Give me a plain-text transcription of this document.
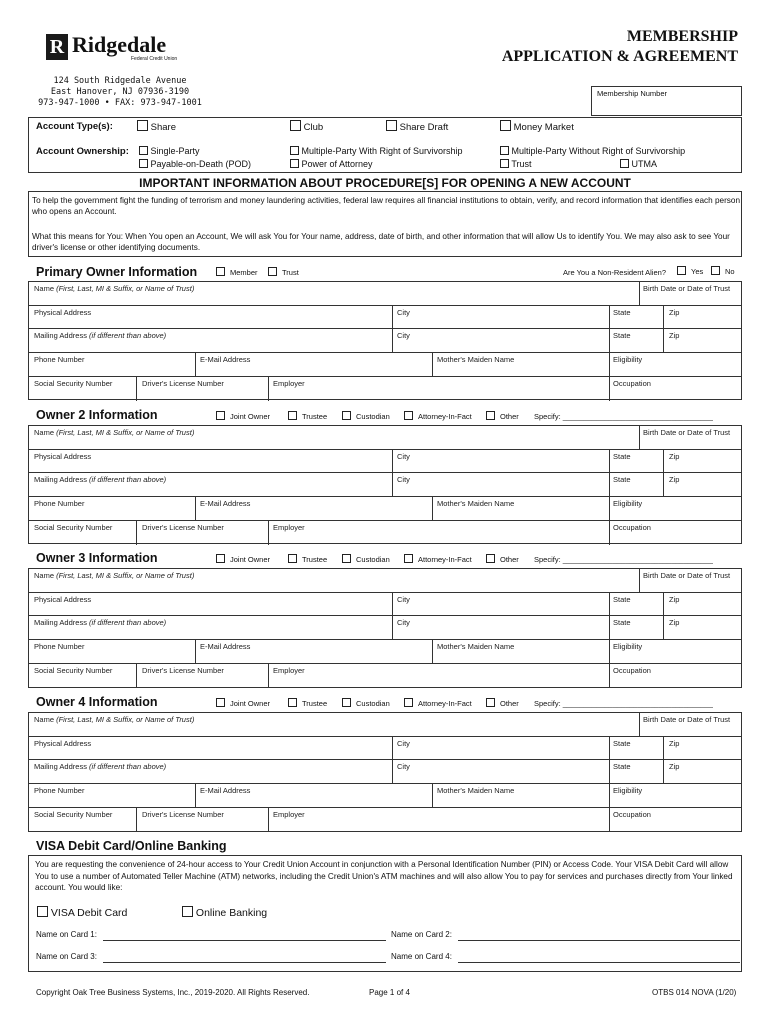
R Ridgedale
Federal Credit Union
MEMBERSHIP
APPLICATION & AGREEMENT
124 South Ridgedale Avenue
East Hanover, NJ 07936-3190
973-947-1000 • FAX: 973-947-1001
Membership Number
Account Type(s):	Share	Club	Share Draft	Money Market
Account Ownership:	Single-Party
Payable-on-Death (POD)
Multiple-Party With Right of Survivorship
Power of Attorney
Multiple-Party Without Right of Survivorship
Trust	UTMA
IMPORTANT INFORMATION ABOUT PROCEDURE[S] FOR OPENING A NEW ACCOUNT
To help the government fight the funding of terrorism and money laundering activities, federal law requires all financial institutions to obtain, verify, and record information that identifies each person who opens an Account.
What this means for You: When You open an Account, We will ask You for Your name, address, date of birth, and other information that will allow Us to identify You. We may also ask to see Your driver's license or other identifying documents.
Primary Owner Information	Member	Trust	Are You a Non-Resident Alien?	Yes	No
Name (First, Last, MI & Suffix, or Name of Trust)	Birth Date or Date of Trust
Physical Address	City	State	Zip
Mailing Address (if different than above)	City	State	Zip
Phone Number	E-Mail Address	Mother's Maiden Name	Eligibility
Social Security Number	Driver's License Number	Employer	Occupation
Name (First, Last, MI & Suffix, or Name of Trust)	Birth Date or Date of Trust
Physical Address	City	State	Zip
Mailing Address (if different than above)	City	State	Zip
Phone Number	E-Mail Address	Mother's Maiden Name	Eligibility
Social Security Number	Driver's License Number	Employer	Occupation
Name (First, Last, MI & Suffix, or Name of Trust)	Birth Date or Date of Trust
Physical Address	City	State	Zip
Mailing Address (if different than above)	City	State	Zip
Phone Number	E-Mail Address	Mother's Maiden Name	Eligibility
Social Security Number	Driver's License Number	Employer	Occupation
Name (First, Last, MI & Suffix, or Name of Trust)	Birth Date or Date of Trust
Physical Address	City	State	Zip
Mailing Address (if different than above)	City	State	Zip
Phone Number	E-Mail Address	Mother's Maiden Name	Eligibility
Social Security Number	Driver's License Number	Employer	Occupation
Owner 2 Information
Owner 3 Information
Owner 4 Information
Joint Owner	Trustee	Custodian	Attorney-In-Fact	Other Specify: ____________________________________
Joint Owner	Trustee	Custodian	Attorney-In-Fact	Other Specify: ____________________________________
Joint Owner	Trustee	Custodian	Attorney-In-Fact	Other Specify: ____________________________________
VISA Debit Card/Online Banking
You are requesting the convenience of 24-hour access to Your Credit Union Account in conjunction with a Personal Identification Number (PIN) or Access Code. Your VISA Debit Card will allow You to use a number of Automated Teller Machine (ATM) networks, including the Credit Union's ATM machines and will also allow You to pay for services and purchases directly from Your linked account. You would like:
VISA Debit Card	Online Banking
Name on Card 1:	Name on Card 2:
Name on Card 3:	Name on Card 4:
Copyright Oak Tree Business Systems, Inc., 2019-2020. All Rights Reserved.	Page 1 of 4	OTBS 014 NOVA (1/20)
